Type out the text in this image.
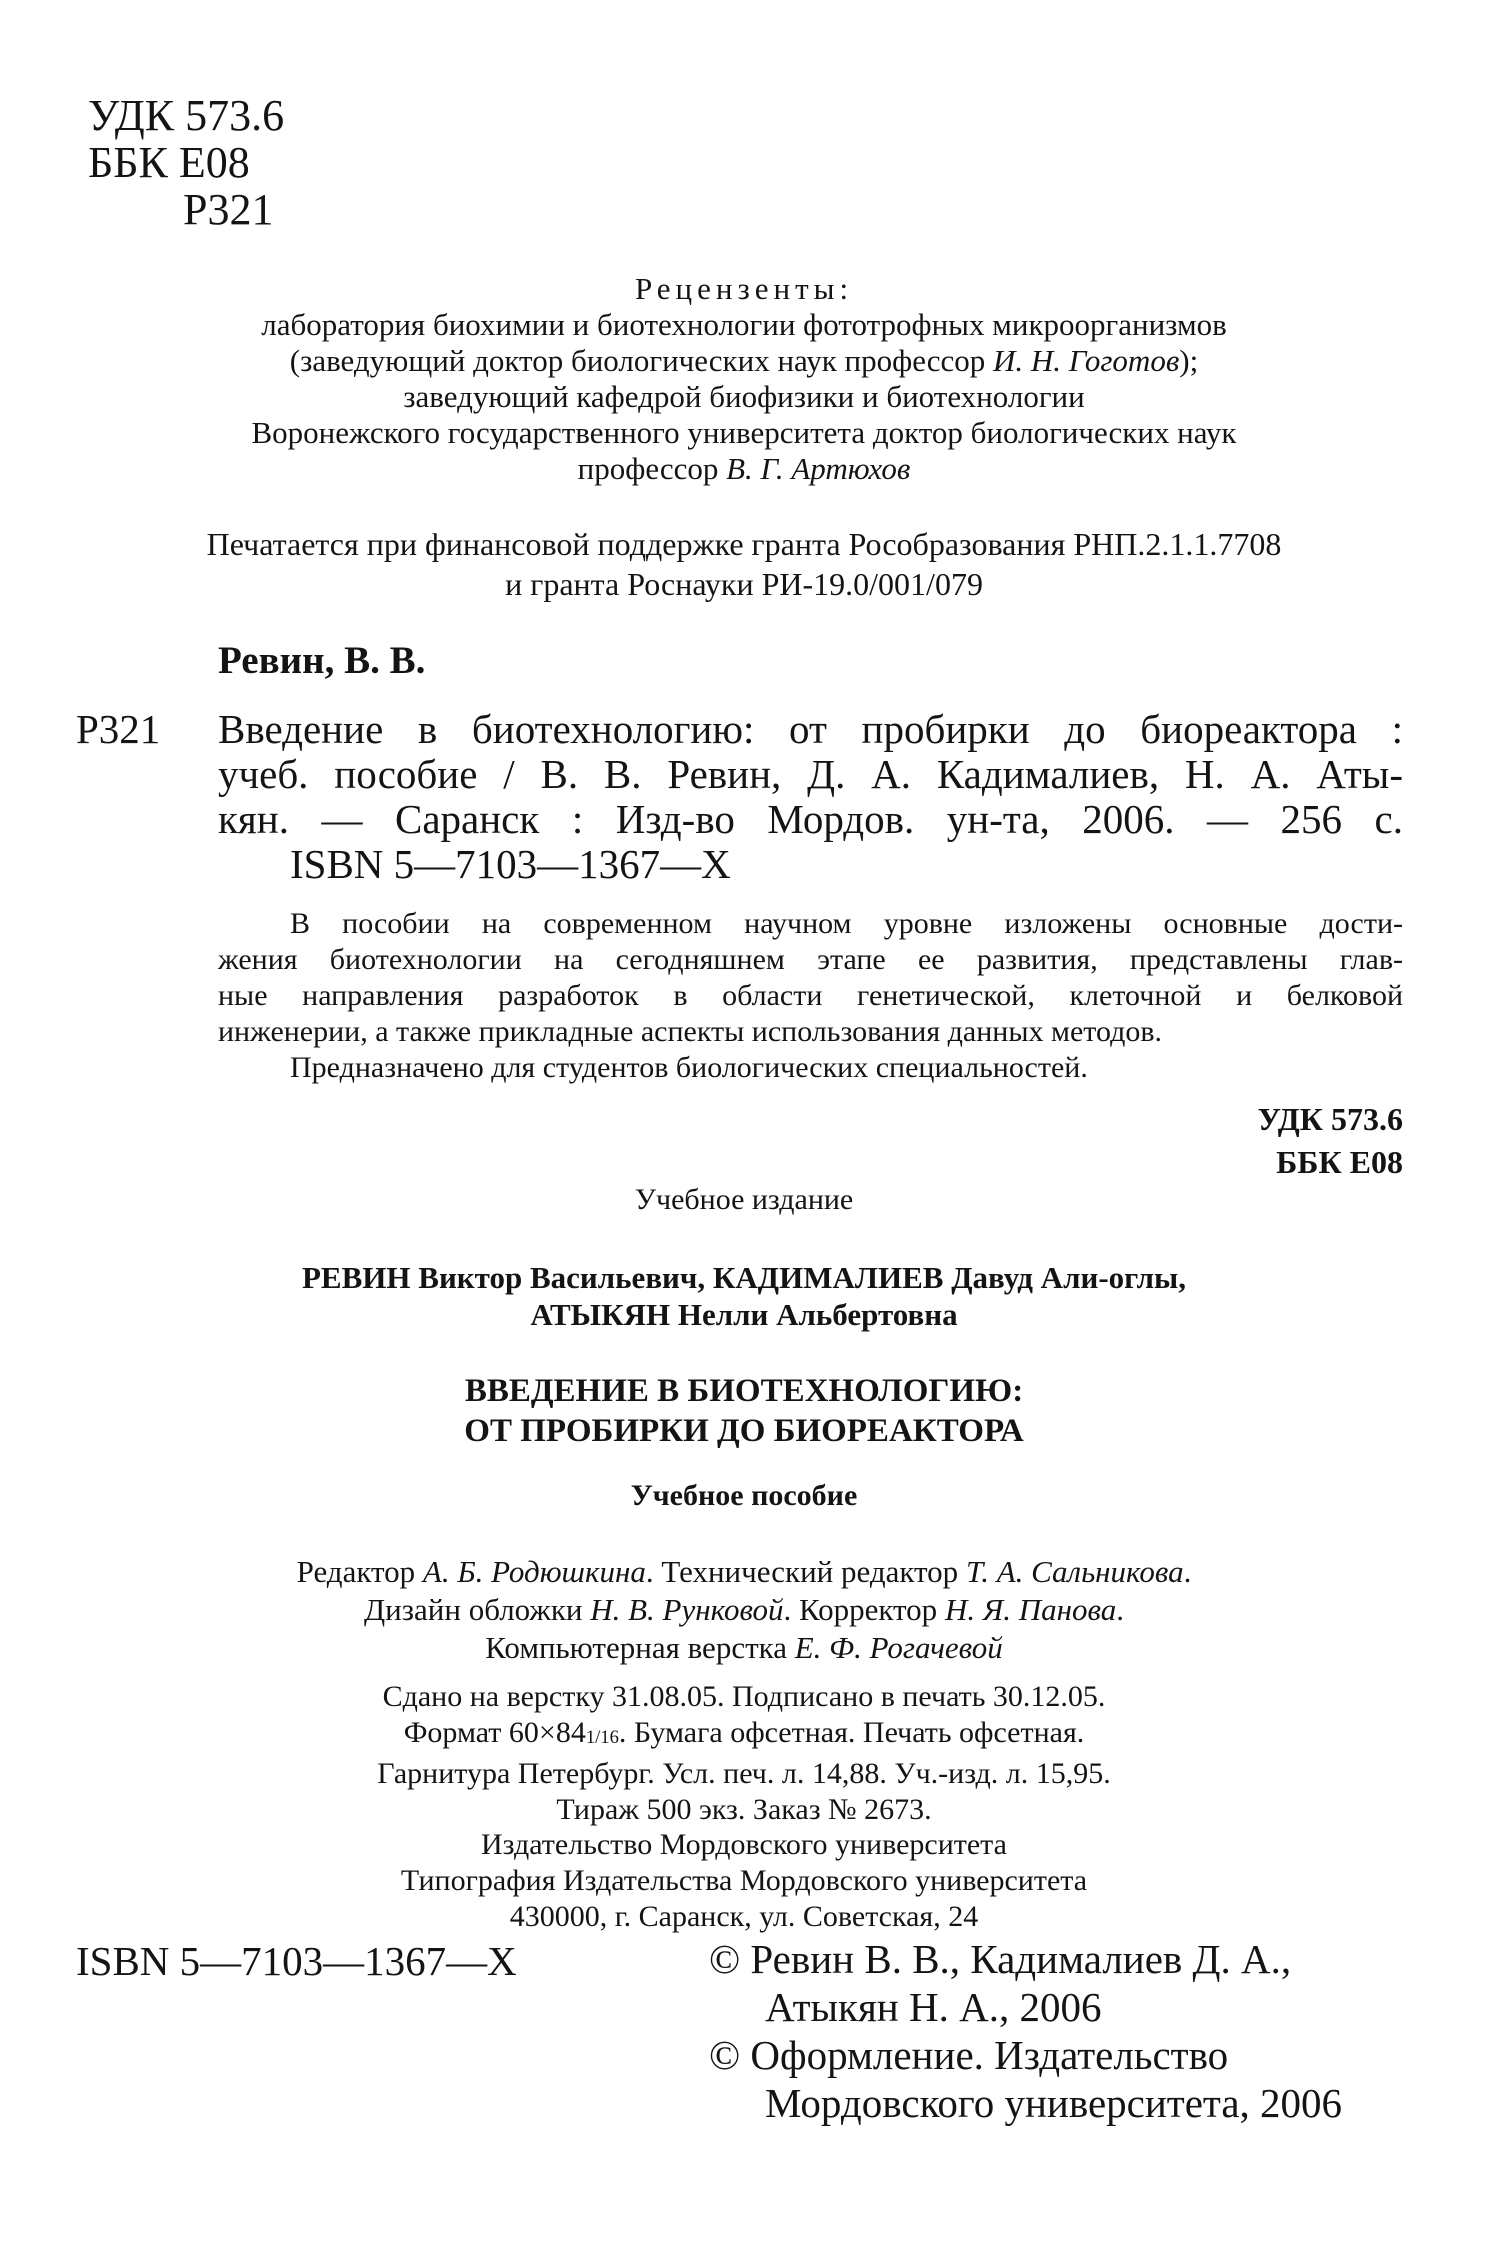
УДК 573.6
ББК Е08
Р321
Рецензенты:
лаборатория биохимии и биотехнологии фототрофных микроорганизмов
(заведующий доктор биологических наук профессор И. Н. Гоготов);
заведующий кафедрой биофизики и биотехнологии
Воронежского государственного университета доктор биологических наук
профессор В. Г. Артюхов
Печатается при финансовой поддержке гранта Рособразования РНП.2.1.1.7708
и гранта Роснауки РИ-19.0/001/079
Ревин, В. В.
Р321 Введение в биотехнологию: от пробирки до биореактора :
учеб. пособие / В. В. Ревин, Д. А. Кадималиев, Н. А. Аты-
кян. — Саранск : Изд-во Мордов. ун-та, 2006. — 256 с.
ISBN 5—7103—1367—Х
В пособии на современном научном уровне изложены основные дости-
жения биотехнологии на сегодняшнем этапе ее развития, представлены глав-
ные направления разработок в области генетической, клеточной и белковой
инженерии, а также прикладные аспекты использования данных методов.
Предназначено для студентов биологических специальностей.
УДК 573.6
ББК Е08
Учебное издание
РЕВИН Виктор Васильевич, КАДИМАЛИЕВ Давуд Али-оглы,
АТЫКЯН Нелли Альбертовна
ВВЕДЕНИЕ В БИОТЕХНОЛОГИЮ:
ОТ ПРОБИРКИ ДО БИОРЕАКТОРА
Учебное пособие
Редактор А. Б. Родюшкина. Технический редактор Т. А. Сальникова.
Дизайн обложки Н. В. Рунковой. Корректор Н. Я. Панова.
Компьютерная верстка Е. Ф. Рогачевой
Сдано на верстку 31.08.05. Подписано в печать 30.12.05.
Формат 60×841/16. Бумага офсетная. Печать офсетная.
Гарнитура Петербург. Усл. печ. л. 14,88. Уч.-изд. л. 15,95.
Тираж 500 экз. Заказ № 2673.
Издательство Мордовского университета
Типография Издательства Мордовского университета
430000, г. Саранск, ул. Советская, 24
ISBN 5—7103—1367—Х	© Ревин В. В., Кадималиев Д. А.,
Атыкян Н. А., 2006
© Оформление. Издательство
Мордовского университета, 2006
